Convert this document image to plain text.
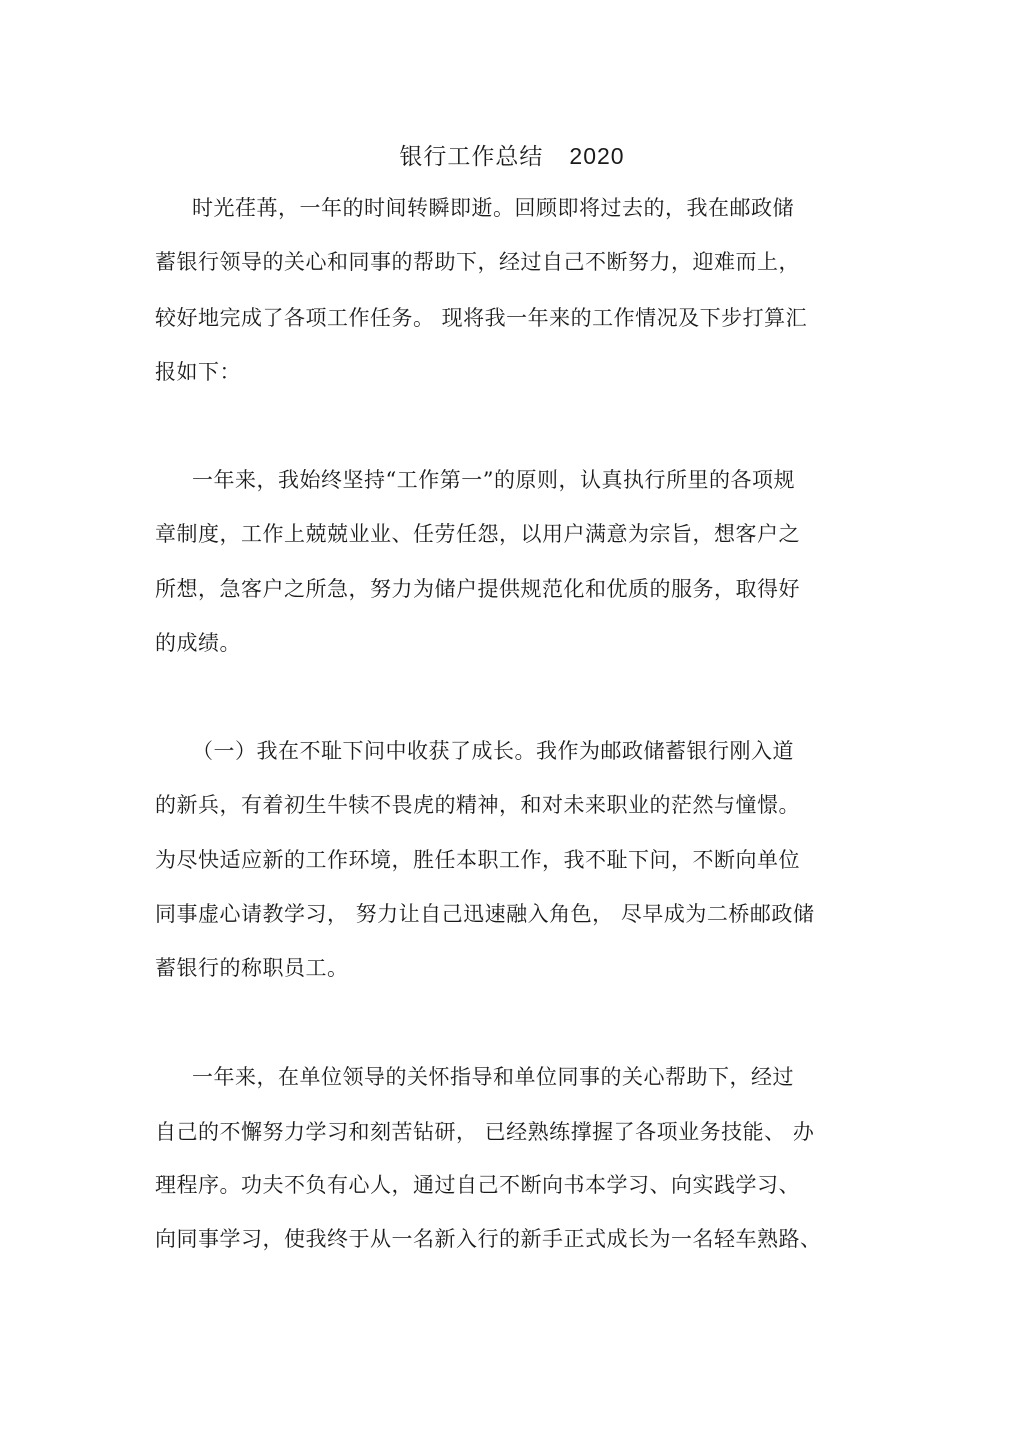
银行工作总结 2020
时光荏苒，一年的时间转瞬即逝。回顾即将过去的，我在邮政储
蓄银行领导的关心和同事的帮助下，经过自己不断努力，迎难而上，
较好地完成了各项工作任务。 现将我一年来的工作情况及下步打算汇
报如下：
一年来，我始终坚持“工作第一”的原则，认真执行所里的各项规
章制度，工作上兢兢业业、任劳任怨，以用户满意为宗旨，想客户之
所想，急客户之所急，努力为储户提供规范化和优质的服务，取得好
的成绩。
（一）我在不耻下问中收获了成长。我作为邮政储蓄银行刚入道
的新兵，有着初生牛犊不畏虎的精神，和对未来职业的茫然与憧憬。
为尽快适应新的工作环境，胜任本职工作，我不耻下问，不断向单位
同事虚心请教学习， 努力让自己迅速融入角色， 尽早成为二桥邮政储
蓄银行的称职员工。
一年来，在单位领导的关怀指导和单位同事的关心帮助下，经过
自己的不懈努力学习和刻苦钻研， 已经熟练撑握了各项业务技能、 办
理程序。功夫不负有心人，通过自己不断向书本学习、向实践学习、
向同事学习，使我终于从一名新入行的新手正式成长为一名轻车熟路、
